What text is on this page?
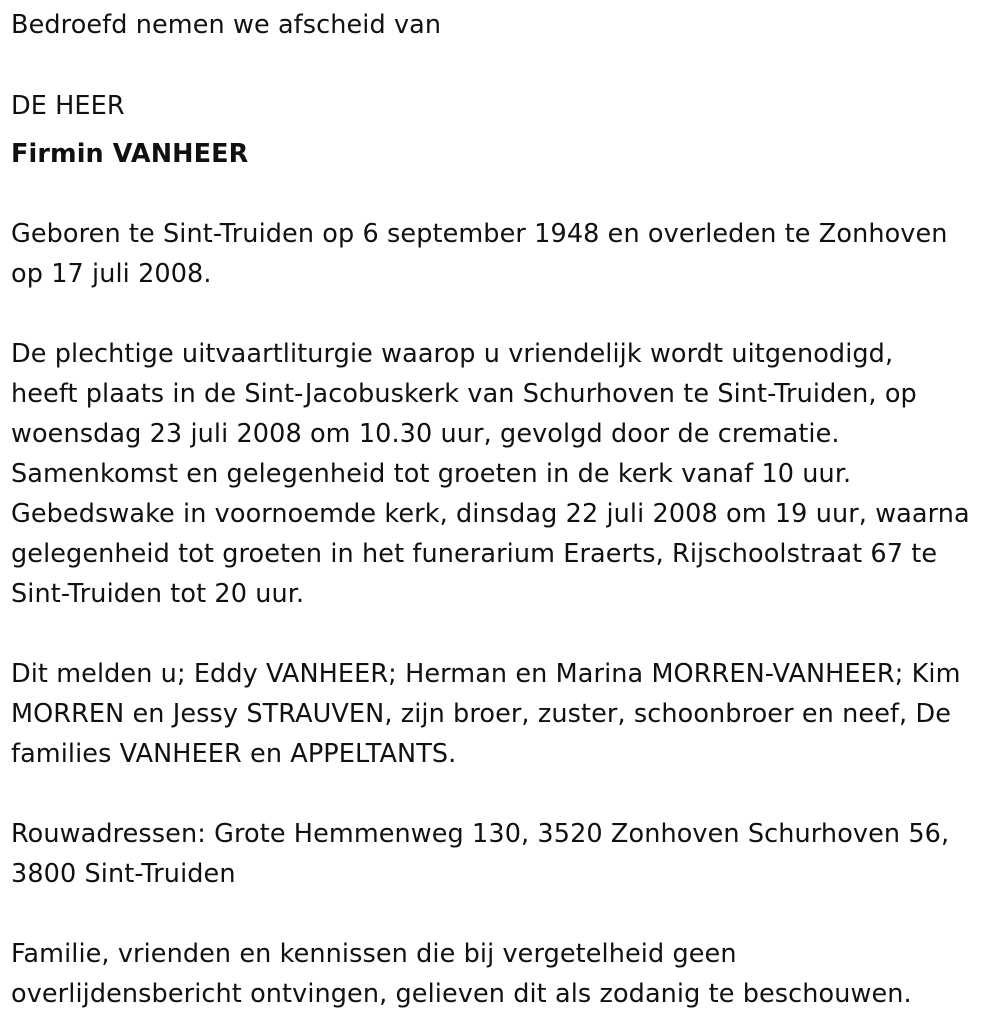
Bedroefd nemen we afscheid van
DE HEER
Firmin VANHEER
Geboren te Sint-Truiden op 6 september 1948 en overleden te Zonhoven
op 17 juli 2008.
De plechtige uitvaartliturgie waarop u vriendelijk wordt uitgenodigd,
heeft plaats in de Sint-Jacobuskerk van Schurhoven te Sint-Truiden, op
woensdag 23 juli 2008 om 10.30 uur, gevolgd door de crematie.
Samenkomst en gelegenheid tot groeten in de kerk vanaf 10 uur.
Gebedswake in voornoemde kerk, dinsdag 22 juli 2008 om 19 uur, waarna
gelegenheid tot groeten in het funerarium Eraerts, Rijschoolstraat 67 te
Sint-Truiden tot 20 uur.
Dit melden u; Eddy VANHEER; Herman en Marina MORREN-VANHEER; Kim
MORREN en Jessy STRAUVEN, zijn broer, zuster, schoonbroer en neef, De
families VANHEER en APPELTANTS.
Rouwadressen: Grote Hemmenweg 130, 3520 Zonhoven Schurhoven 56,
3800 Sint-Truiden
Familie, vrienden en kennissen die bij vergetelheid geen
overlijdensbericht ontvingen, gelieven dit als zodanig te beschouwen.
